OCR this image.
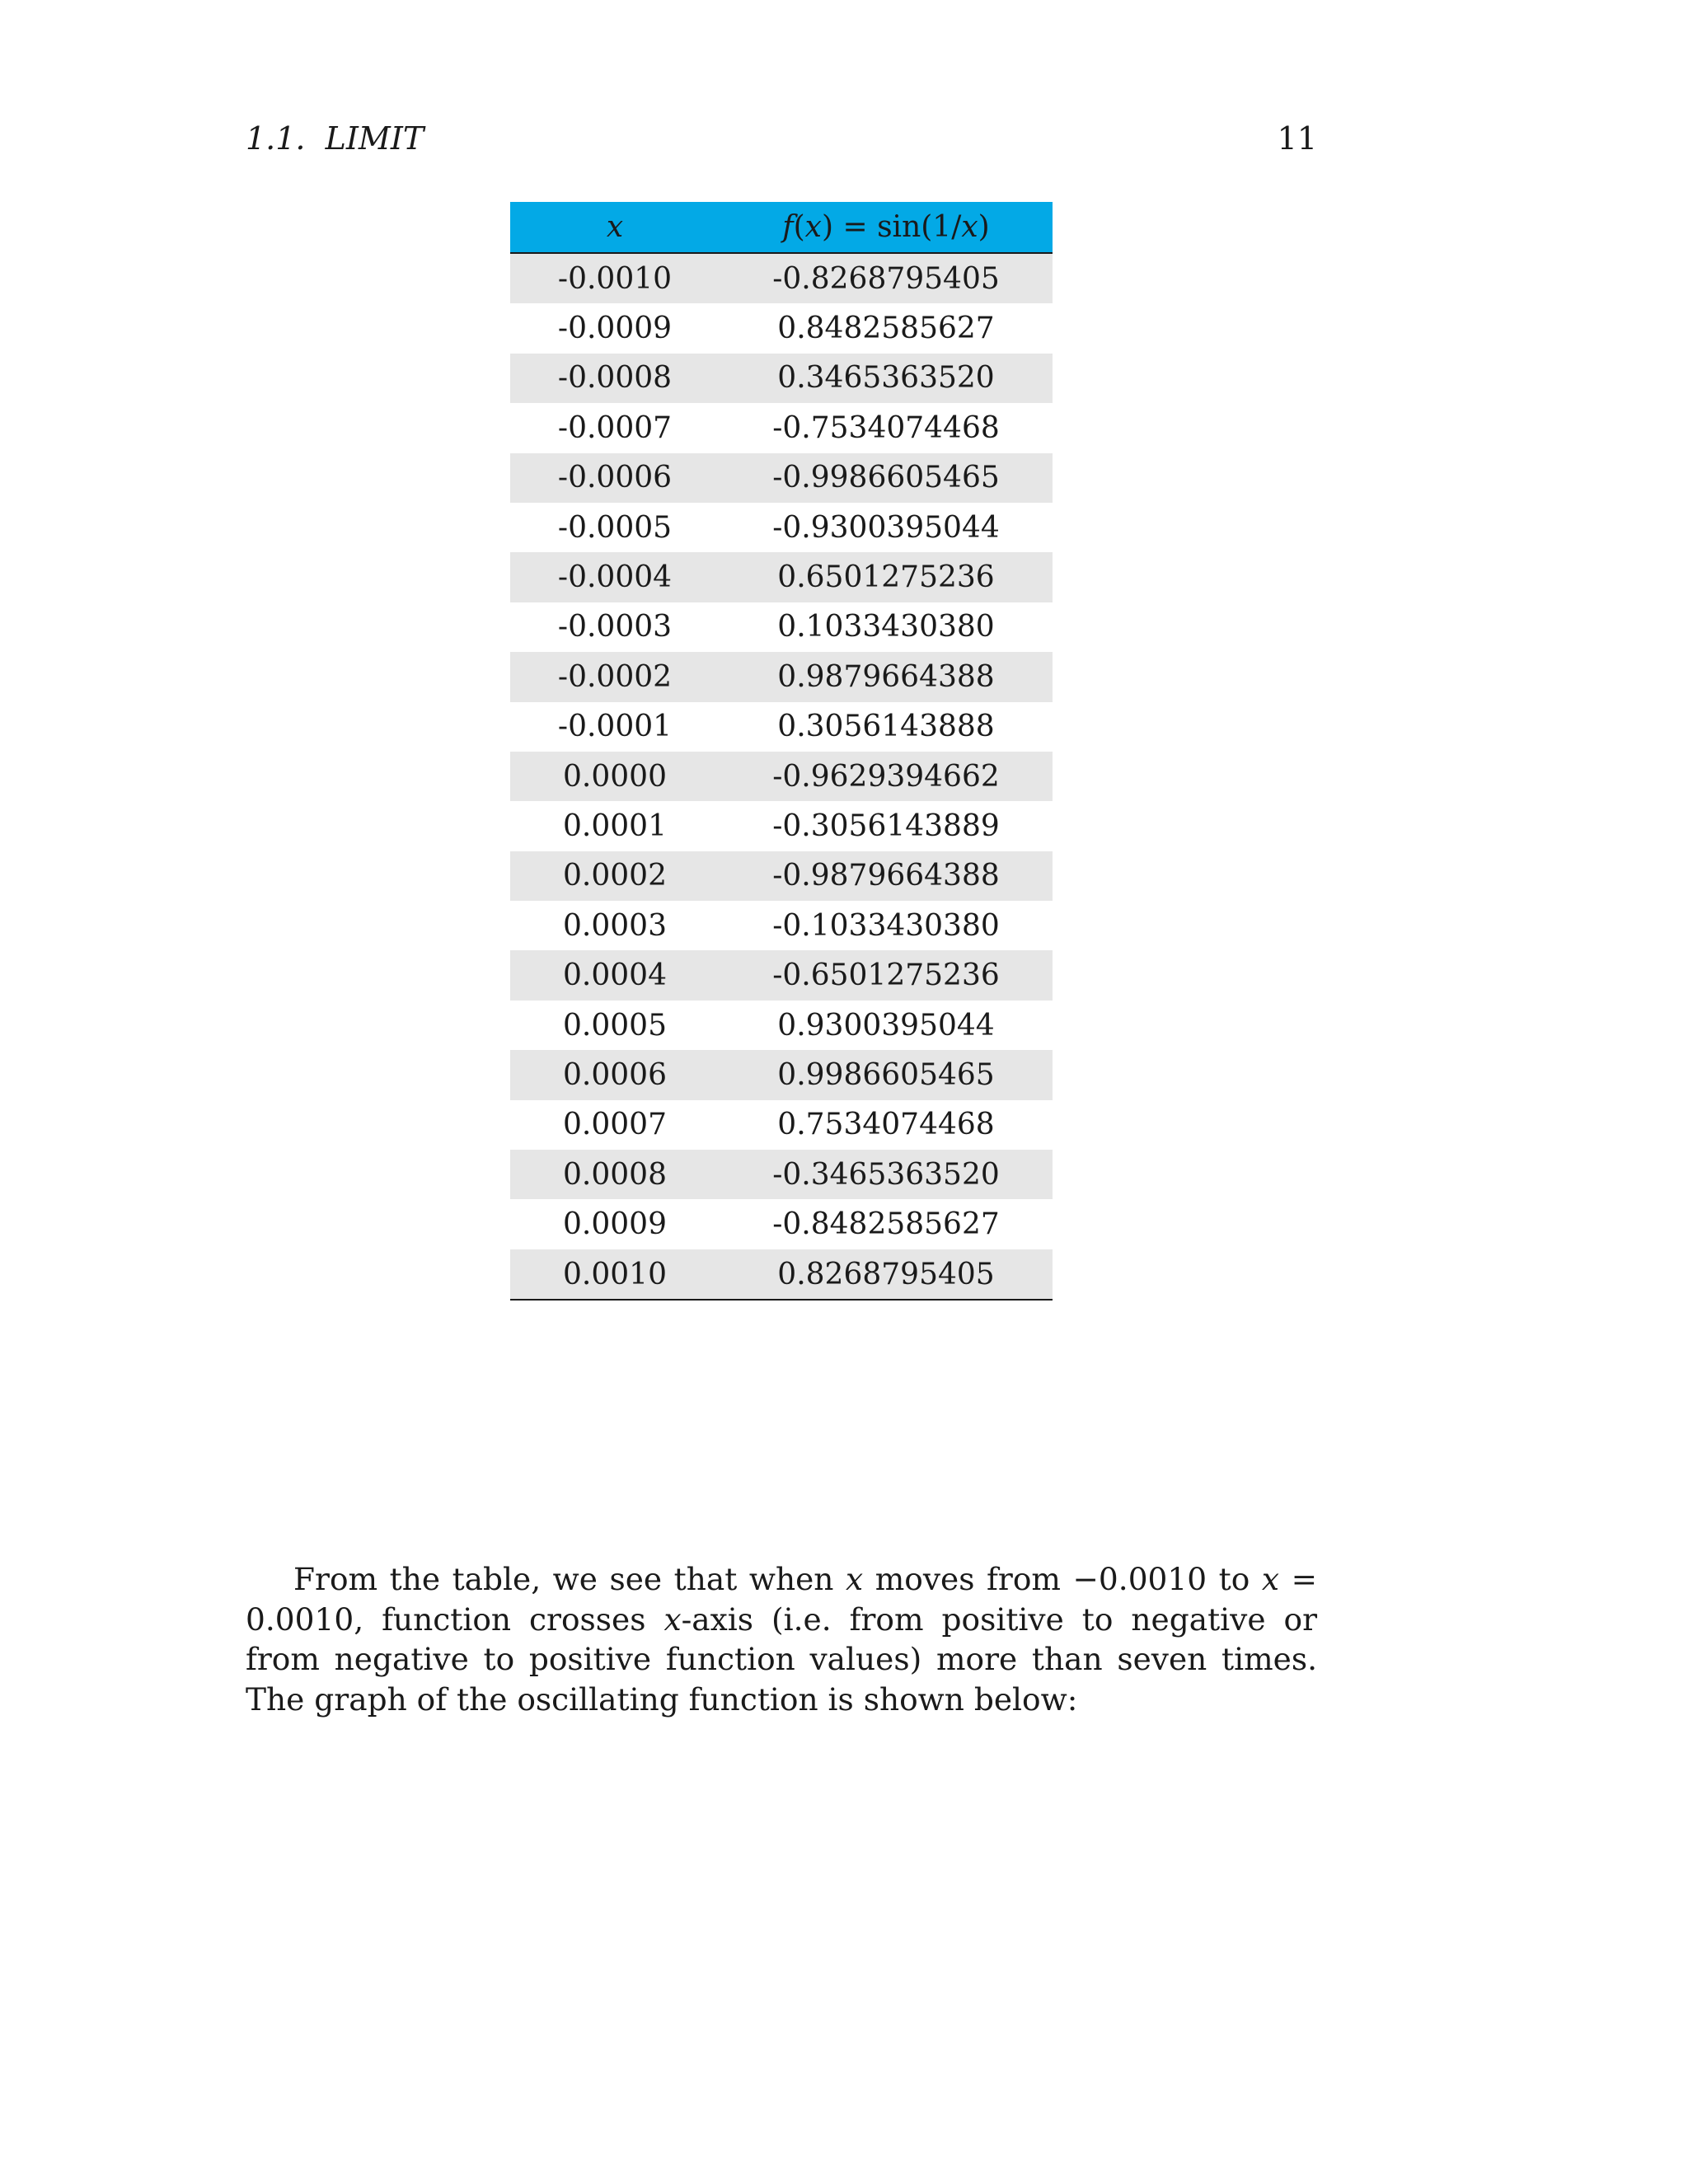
1.1.  LIMIT	11
x	f(x) = sin(1/x)
-0.0010	-0.8268795405
-0.0009	0.8482585627
-0.0008	0.3465363520
-0.0007	-0.7534074468
-0.0006	-0.9986605465
-0.0005	-0.9300395044
-0.0004	0.6501275236
-0.0003	0.1033430380
-0.0002	0.9879664388
-0.0001	0.3056143888
0.0000	-0.9629394662
0.0001	-0.3056143889
0.0002	-0.9879664388
0.0003	-0.1033430380
0.0004	-0.6501275236
0.0005	0.9300395044
0.0006	0.9986605465
0.0007	0.7534074468
0.0008	-0.3465363520
0.0009	-0.8482585627
0.0010	0.8268795405

From the table, we see that when x moves from −0.0010 to x = 0.0010, function crosses x-axis (i.e. from positive to negative or from negative to positive function values) more than seven times. The graph of the oscillating function is shown below:
